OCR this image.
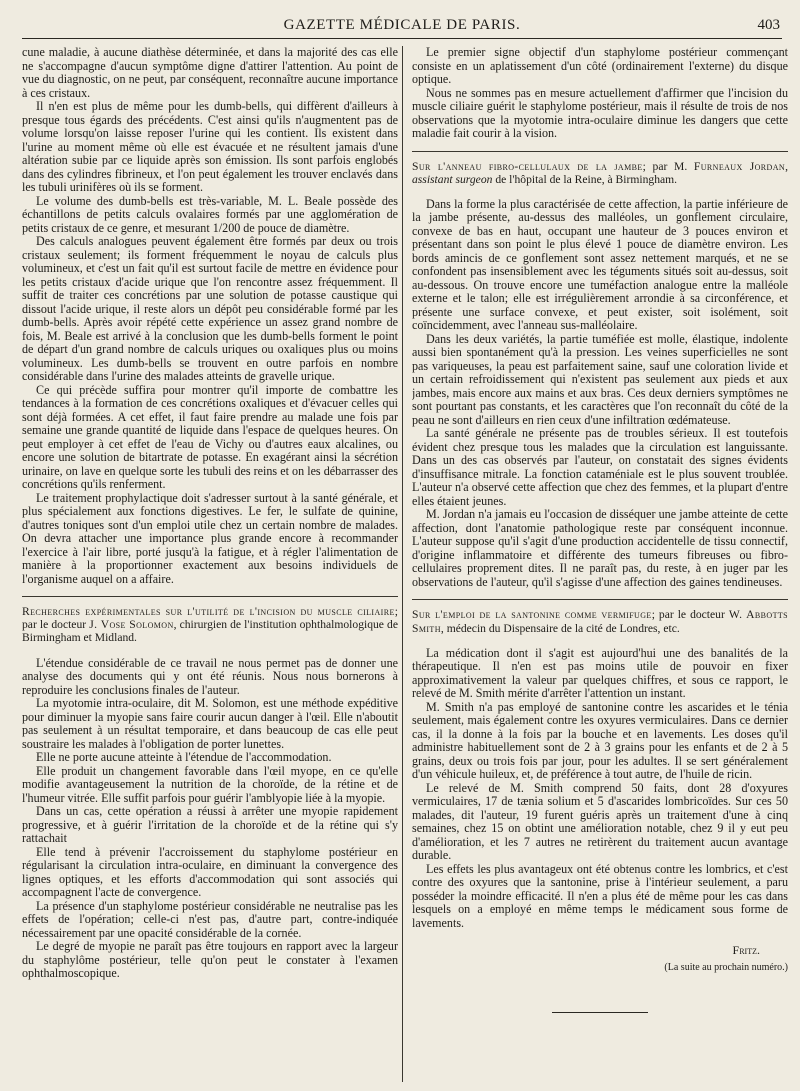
GAZETTE MÉDICALE DE PARIS.	403

cune maladie, à aucune diathèse déterminée, et dans la majorité des cas elle ne s'accompagne d'aucun symptôme digne d'attirer l'attention. Au point de vue du diagnostic, on ne peut, par conséquent, reconnaître aucune importance à ces cristaux.

Il n'en est plus de même pour les dumb-bells, qui diffèrent d'ailleurs à presque tous égards des précédents. C'est ainsi qu'ils n'augmentent pas de volume lorsqu'on laisse reposer l'urine qui les contient. Ils existent dans l'urine au moment même où elle est évacuée et ne résultent jamais d'une altération subie par ce liquide après son émission. Ils sont parfois englobés dans des cylindres fibrineux, et l'on peut également les trouver enclavés dans les tubuli urinifères où ils se forment.

Le volume des dumb-bells est très-variable, M. L. Beale possède des échantillons de petits calculs ovalaires formés par une agglomération de petits cristaux de ce genre, et mesurant 1/200 de pouce de diamètre.

Des calculs analogues peuvent également être formés par deux ou trois cristaux seulement; ils forment fréquemment le noyau de calculs plus volumineux, et c'est un fait qu'il est surtout facile de mettre en évidence pour les petits cristaux d'acide urique que l'on rencontre assez fréquemment. Il suffit de traiter ces concrétions par une solution de potasse caustique qui dissout l'acide urique, il reste alors un dépôt peu considérable formé par les dumb-bells. Après avoir répété cette expérience un assez grand nombre de fois, M. Beale est arrivé à la conclusion que les dumb-bells forment le point de départ d'un grand nombre de calculs uriques ou oxaliques plus ou moins volumineux. Les dumb-bells se trouvent en outre parfois en nombre considérable dans l'urine des malades atteints de gravelle urique.

Ce qui précède suffira pour montrer qu'il importe de combattre les tendances à la formation de ces concrétions oxaliques et d'évacuer celles qui sont déjà formées. A cet effet, il faut faire prendre au malade une fois par semaine une grande quantité de liquide dans l'espace de quelques heures. On peut employer à cet effet de l'eau de Vichy ou d'autres eaux alcalines, ou encore une solution de bitartrate de potasse. En exagérant ainsi la sécrétion urinaire, on lave en quelque sorte les tubuli des reins et on les débarrasser des concrétions qu'ils renferment.

Le traitement prophylactique doit s'adresser surtout à la santé générale, et plus spécialement aux fonctions digestives. Le fer, le sulfate de quinine, d'autres toniques sont d'un emploi utile chez un certain nombre de malades. On devra attacher une importance plus grande encore à recommander l'exercice à l'air libre, porté jusqu'à la fatigue, et à régler l'alimentation de manière à la proportionner exactement aux besoins individuels de l'organisme auquel on a affaire.

Recherches expérimentales sur l'utilité de l'incision du muscle ciliaire; par le docteur J. Vose Solomon, chirurgien de l'institution ophthalmologique de Birmingham et Midland.

L'étendue considérable de ce travail ne nous permet pas de donner une analyse des documents qui y ont été réunis. Nous nous bornerons à reproduire les conclusions finales de l'auteur.

La myotomie intra-oculaire, dit M. Solomon, est une méthode expéditive pour diminuer la myopie sans faire courir aucun danger à l'œil. Elle n'aboutit pas seulement à un résultat temporaire, et dans beaucoup de cas elle peut soustraire les malades à l'obligation de porter lunettes.

Elle ne porte aucune atteinte à l'étendue de l'accommodation.

Elle produit un changement favorable dans l'œil myope, en ce qu'elle modifie avantageusement la nutrition de la choroïde, de la rétine et de l'humeur vitrée. Elle suffit parfois pour guérir l'amblyopie liée à la myopie.

Dans un cas, cette opération a réussi à arrêter une myopie rapidement progressive, et à guérir l'irritation de la choroïde et de la rétine qui s'y rattachait

Elle tend à prévenir l'accroissement du staphylome postérieur en régularisant la circulation intra-oculaire, en diminuant la convergence des lignes optiques, et les efforts d'accommodation qui sont associés qui accompagnent l'acte de convergence.

La présence d'un staphylome postérieur considérable ne neutralise pas les effets de l'opération; celle-ci n'est pas, d'autre part, contre-indiquée nécessairement par une opacité considérable de la cornée.

Le degré de myopie ne paraît pas être toujours en rapport avec la largeur du staphylôme postérieur, telle qu'on peut le constater à l'examen ophthalmoscopique.

Le premier signe objectif d'un staphylome postérieur commençant consiste en un aplatissement d'un côté (ordinairement l'externe) du disque optique.

Nous ne sommes pas en mesure actuellement d'affirmer que l'incision du muscle ciliaire guérit le staphylome postérieur, mais il résulte de trois de nos observations que la myotomie intra-oculaire diminue les dangers que cette maladie fait courir à la vision.

Sur l'anneau fibro-cellulaux de la jambe; par M. Furneaux Jordan, assistant surgeon de l'hôpital de la Reine, à Birmingham.

Dans la forme la plus caractérisée de cette affection, la partie inférieure de la jambe présente, au-dessus des malléoles, un gonflement circulaire, convexe de bas en haut, occupant une hauteur de 3 pouces environ et présentant dans son point le plus élevé 1 pouce de diamètre environ. Les bords amincis de ce gonflement sont assez nettement marqués, et ne se confondent pas insensiblement avec les téguments situés soit au-dessus, soit au-dessous. On trouve encore une tuméfaction analogue entre la malléole externe et le talon; elle est irrégulièrement arrondie à sa circonférence, et présente une surface convexe, et peut exister, soit isolément, soit coïncidemment, avec l'anneau sus-malléolaire.

Dans les deux variétés, la partie tuméfiée est molle, élastique, indolente aussi bien spontanément qu'à la pression. Les veines superficielles ne sont pas variqueuses, la peau est parfaitement saine, sauf une coloration livide et un certain refroidissement qui n'existent pas seulement aux pieds et aux jambes, mais encore aux mains et aux bras. Ces deux derniers symptômes ne sont pourtant pas constants, et les caractères que l'on reconnaît du côté de la peau ne sont d'ailleurs en rien ceux d'une infiltration œdémateuse.

La santé générale ne présente pas de troubles sérieux. Il est toutefois évident chez presque tous les malades que la circulation est languissante. Dans un des cas observés par l'auteur, on constatait des signes évidents d'insuffisance mitrale. La fonction cataméniale est le plus souvent troublée. L'auteur n'a observé cette affection que chez des femmes, et la plupart d'entre elles étaient jeunes.

M. Jordan n'a jamais eu l'occasion de disséquer une jambe atteinte de cette affection, dont l'anatomie pathologique reste par conséquent inconnue. L'auteur suppose qu'il s'agit d'une production accidentelle de tissu connectif, d'origine inflammatoire et différente des tumeurs fibreuses ou fibro-cellulaires proprement dites. Il ne paraît pas, du reste, à en juger par les observations de l'auteur, qu'il s'agisse d'une affection des gaines tendineuses.

Sur l'emploi de la santonine comme vermifuge; par le docteur W. Abbotts Smith, médecin du Dispensaire de la cité de Londres, etc.

La médication dont il s'agit est aujourd'hui une des banalités de la thérapeutique. Il n'en est pas moins utile de pouvoir en fixer approximativement la valeur par quelques chiffres, et sous ce rapport, le relevé de M. Smith mérite d'arrêter l'attention un instant.

M. Smith n'a pas employé de santonine contre les ascarides et le ténia seulement, mais également contre les oxyures vermiculaires. Dans ce dernier cas, il la donne à la fois par la bouche et en lavements. Les doses qu'il administre habituellement sont de 2 à 3 grains pour les enfants et de 2 à 5 grains, deux ou trois fois par jour, pour les adultes. Il se sert généralement d'un véhicule huileux, et, de préférence à tout autre, de l'huile de ricin.

Le relevé de M. Smith comprend 50 faits, dont 28 d'oxyures vermiculaires, 17 de tænia solium et 5 d'ascarides lombricoïdes. Sur ces 50 malades, dit l'auteur, 19 furent guéris après un traitement d'une à cinq semaines, chez 15 on obtint une amélioration notable, chez 9 il y eut peu d'amélioration, et les 7 autres ne retirèrent du traitement aucun avantage durable.

Les effets les plus avantageux ont été obtenus contre les lombrics, et c'est contre des oxyures que la santonine, prise à l'intérieur seulement, a paru posséder la moindre efficacité. Il n'en a plus été de même pour les cas dans lesquels on a employé en même temps le médicament sous forme de lavements.

Fritz.
(La suite au prochain numéro.)
